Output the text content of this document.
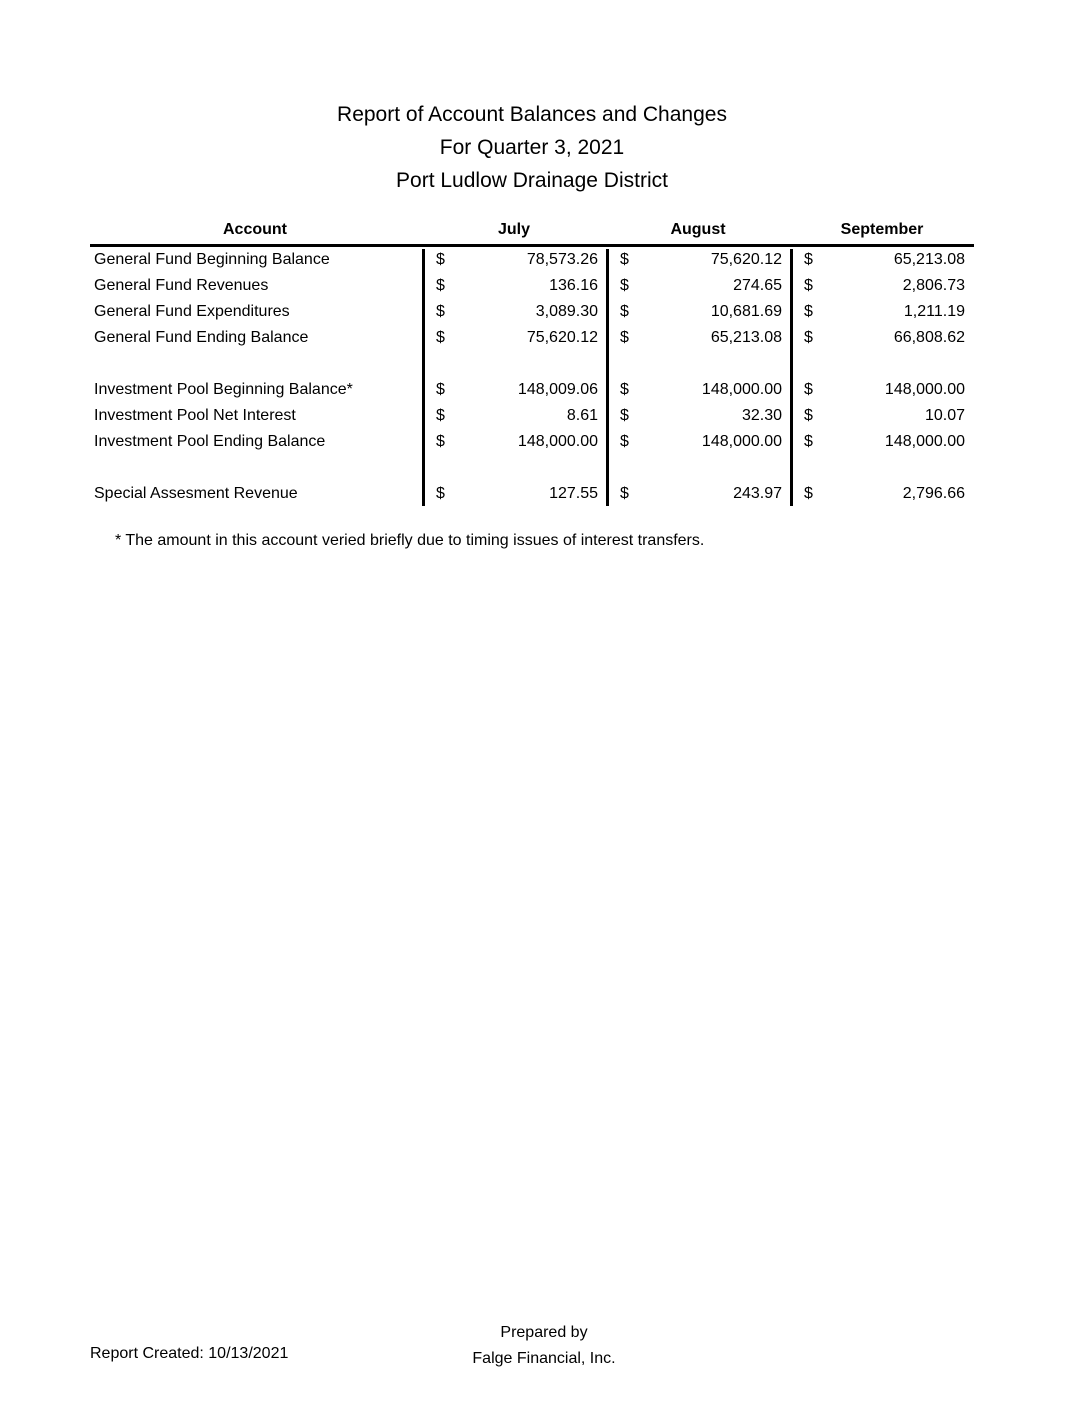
Report of Account Balances and Changes
For Quarter 3, 2021
Port Ludlow Drainage District
Account	July	August	September
General Fund Beginning Balance	$	78,573.26 $	75,620.12 $	65,213.08
General Fund Revenues	$	136.16 $	274.65 $	2,806.73
General Fund Expenditures	$	3,089.30 $	10,681.69 $	1,211.19
General Fund Ending Balance	$	75,620.12 $	65,213.08 $	66,808.62
Investment Pool Beginning Balance*	$	148,009.06 $	148,000.00 $	148,000.00
Investment Pool Net Interest	$	8.61 $	32.30 $	10.07
Investment Pool Ending Balance	$	148,000.00 $	148,000.00 $	148,000.00
Special Assesment Revenue	$	127.55 $	243.97 $	2,796.66
* The amount in this account veried briefly due to timing issues of interest transfers.
Report Created: 10/13/2021
Prepared by
Falge Financial, Inc.
